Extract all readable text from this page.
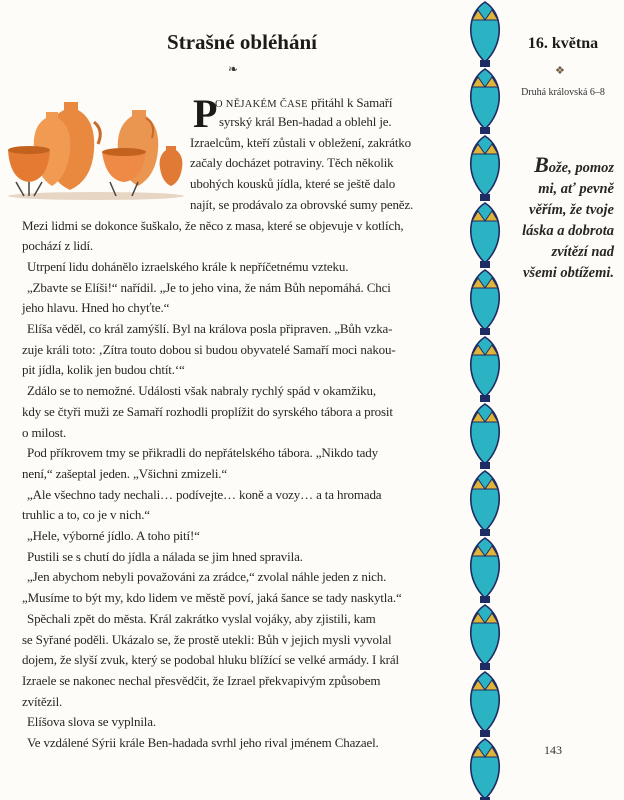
Strašné obléhání
❧
P
O NĚJAKÉM ČASE přitáhl k Samaří
syrský král Ben-hadad a oblehl je.
Izraelcům, kteří zůstali v obležení, zakrátko
začaly docházet potraviny. Těch několik
ubohých kousků jídla, které se ještě dalo
najít, se prodávalo za obrovské sumy peněz.
Mezi lidmi se dokonce šuškalo, že něco z masa, které se objevuje v kotlích,
pochází z lidí.
Utrpení lidu dohánělo izraelského krále k nepříčetnému vzteku.
„Zbavte se Elíši!“ nařídil. „Je to jeho vina, že nám Bůh nepomáhá. Chci
jeho hlavu. Hned ho chyťte.“
Elíša věděl, co král zamýšlí. Byl na králova posla připraven. „Bůh vzka-
zuje králi toto: ‚Zítra touto dobou si budou obyvatelé Samaří moci nakou-
pit jídla, kolik jen budou chtít.‘“
Zdálo se to nemožné. Události však nabraly rychlý spád v okamžiku,
kdy se čtyři muži ze Samaří rozhodli proplížit do syrského tábora a prosit
o milost.
Pod příkrovem tmy se přikradli do nepřátelského tábora. „Nikdo tady
není,“ zašeptal jeden. „Všichni zmizeli.“
„Ale všechno tady nechali… podívejte… koně a vozy… a ta hromada
truhlic a to, co je v nich.“
„Hele, výborné jídlo. A toho pití!“
Pustili se s chutí do jídla a nálada se jim hned spravila.
„Jen abychom nebyli považováni za zrádce,“ zvolal náhle jeden z nich.
„Musíme to být my, kdo lidem ve městě poví, jaká šance se tady naskytla.“
Spěchali zpět do města. Král zakrátko vyslal vojáky, aby zjistili, kam
se Syřané poděli. Ukázalo se, že prostě utekli: Bůh v jejich mysli vyvolal
dojem, že slyší zvuk, který se podobal hluku blížící se velké armády. I král
Izraele se nakonec nechal přesvědčit, že Izrael překvapivým způsobem
zvítězil.
Elíšova slova se vyplnila.
Ve vzdálené Sýrii krále Ben-hadada svrhl jeho rival jménem Chazael.	143
16. května
❖
Druhá královská 6–8
Bože, pomoz
mi, ať pevně
věřím, že tvoje
láska a dobrota
zvítězí nad
všemi obtížemi.
